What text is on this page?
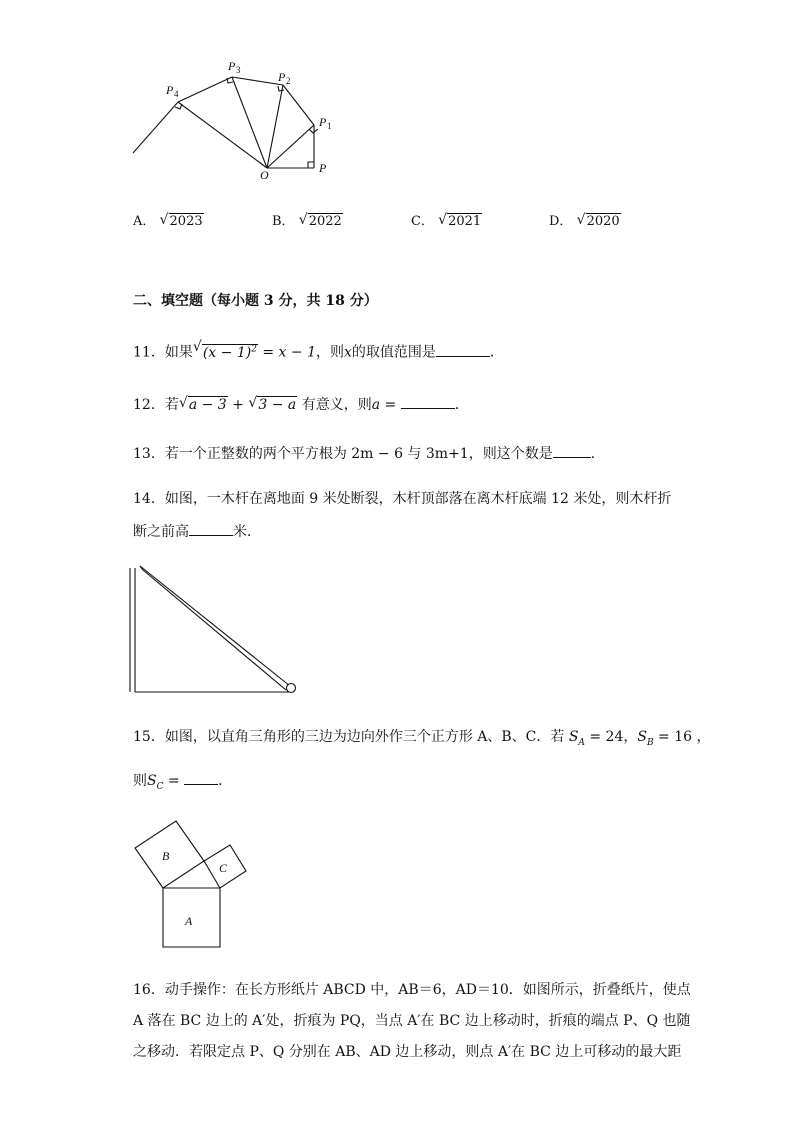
O	P
P 1
P 2
P 3
P 4
A． √ 2023	B． √ 2022	C． √ 2021	D． √ 2020
二、填空题（每小题 3 分，共 18 分）
11．如果 √ $(x - 1)^2 = x - 1$，则x的取值范围是	．
12．若 √ a − 3 + √ 3 − a 有意义，则a =	．
13．若一个正整数的两个平方根为 2m − 6 与 3m+1，则这个数是	．
14．如图，一木杆在离地面 9 米处断裂，木杆顶部落在离木杆底端 12 米处，则木杆折
断之前高	米．
15．如图，以直角三角形的三边为边向外作三个正方形 A、B、C．若 $S_A = 24$，$S_B = 16$ ，
则$S_C$ = ．
B
C
A
16．动手操作：在长方形纸片 ABCD 中，AB＝6，AD＝10．如图所示，折叠纸片，使点
A 落在 BC 边上的 A′处，折痕为 PQ，当点 A′在 BC 边上移动时，折痕的端点 P、Q 也随
之移动．若限定点 P、Q 分别在 AB、AD 边上移动，则点 A′在 BC 边上可移动的最大距
